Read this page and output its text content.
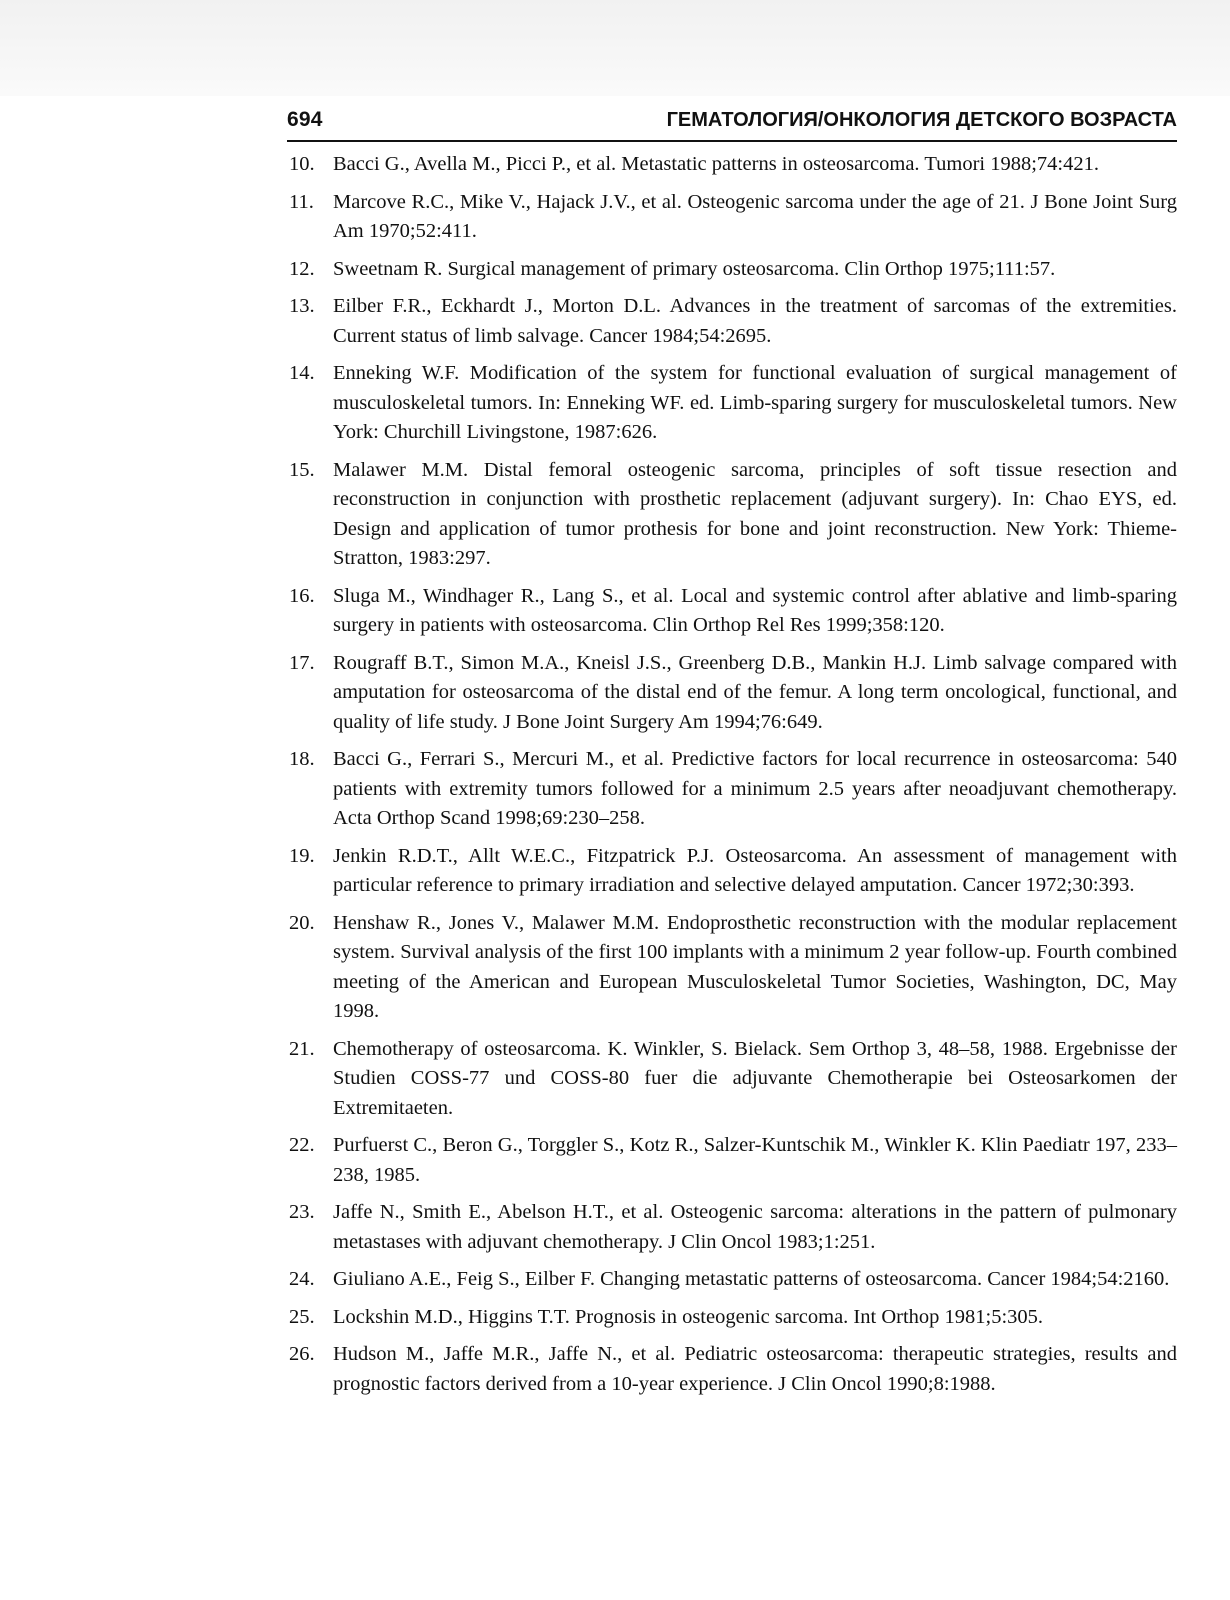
694	ГЕМАТОЛОГИЯ/ОНКОЛОГИЯ ДЕТСКОГО ВОЗРАСТА
10. Bacci G., Avella M., Picci P., et al. Metastatic patterns in osteosarcoma. Tumori 1988;74:421.
11. Marcove R.C., Mike V., Hajack J.V., et al. Osteogenic sarcoma under the age of 21. J Bone Joint Surg Am 1970;52:411.
12. Sweetnam R. Surgical management of primary osteosarcoma. Clin Orthop 1975;111:57.
13. Eilber F.R., Eckhardt J., Morton D.L. Advances in the treatment of sarcomas of the extremities. Current status of limb salvage. Cancer 1984;54:2695.
14. Enneking W.F. Modification of the system for functional evaluation of surgical management of musculoskeletal tumors. In: Enneking WF. ed. Limb-sparing surgery for musculoskeletal tumors. New York: Churchill Livingstone, 1987:626.
15. Malawer M.M. Distal femoral osteogenic sarcoma, principles of soft tissue resection and reconstruction in conjunction with prosthetic replacement (adjuvant surgery). In: Chao EYS, ed. Design and application of tumor prothesis for bone and joint reconstruction. New York: Thieme-Stratton, 1983:297.
16. Sluga M., Windhager R., Lang S., et al. Local and systemic control after ablative and limb-sparing surgery in patients with osteosarcoma. Clin Orthop Rel Res 1999;358:120.
17. Rougraff B.T., Simon M.A., Kneisl J.S., Greenberg D.B., Mankin H.J. Limb salvage compared with amputation for osteosarcoma of the distal end of the femur. A long term oncological, functional, and quality of life study. J Bone Joint Surgery Am 1994;76:649.
18. Bacci G., Ferrari S., Mercuri M., et al. Predictive factors for local recurrence in osteosarcoma: 540 patients with extremity tumors followed for a minimum 2.5 years after neoadjuvant chemotherapy. Acta Orthop Scand 1998;69:230–258.
19. Jenkin R.D.T., Allt W.E.C., Fitzpatrick P.J. Osteosarcoma. An assessment of management with particular reference to primary irradiation and selective delayed amputation. Cancer 1972;30:393.
20. Henshaw R., Jones V., Malawer M.M. Endoprosthetic reconstruction with the modular replacement system. Survival analysis of the first 100 implants with a minimum 2 year follow-up. Fourth combined meeting of the American and European Musculoskeletal Tumor Societies, Washington, DC, May 1998.
21. Chemotherapy of osteosarcoma. K. Winkler, S. Bielack. Sem Orthop 3, 48–58, 1988. Ergebnisse der Studien COSS-77 und COSS-80 fuer die adjuvante Chemotherapie bei Osteosarkomen der Extremitaeten.
22. Purfuerst C., Beron G., Torggler S., Kotz R., Salzer-Kuntschik M., Winkler K. Klin Paediatr 197, 233–238, 1985.
23. Jaffe N., Smith E., Abelson H.T., et al. Osteogenic sarcoma: alterations in the pattern of pulmonary metastases with adjuvant chemotherapy. J Clin Oncol 1983;1:251.
24. Giuliano A.E., Feig S., Eilber F. Changing metastatic patterns of osteosarcoma. Cancer 1984;54:2160.
25. Lockshin M.D., Higgins T.T. Prognosis in osteogenic sarcoma. Int Orthop 1981;5:305.
26. Hudson M., Jaffe M.R., Jaffe N., et al. Pediatric osteosarcoma: therapeutic strategies, results and prognostic factors derived from a 10-year experience. J Clin Oncol 1990;8:1988.
